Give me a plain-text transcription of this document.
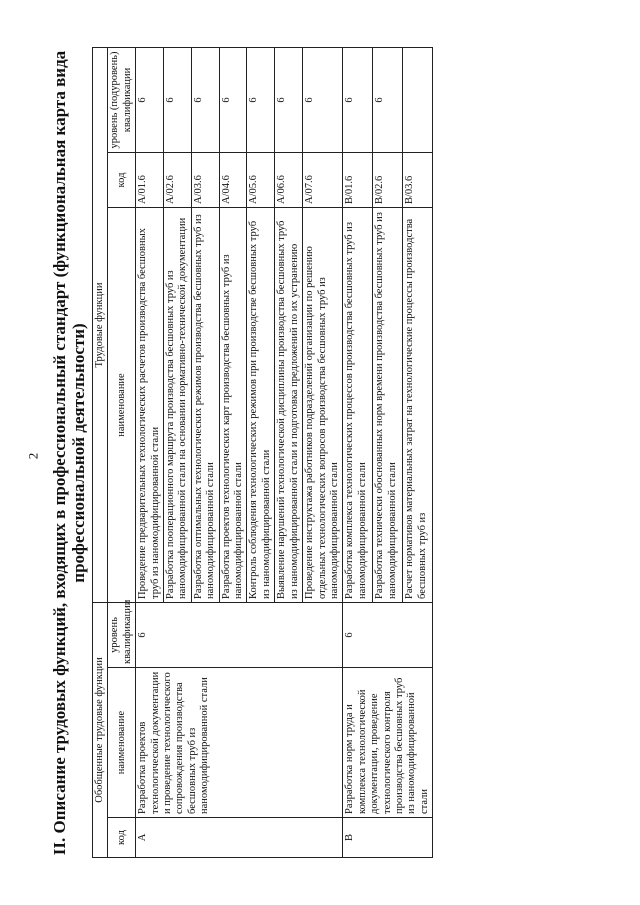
2 II. Описание трудовых функций, входящих в профессиональный стандарт (функциональная карта вида профессиональной деятельности)
Обобщенные трудовые функции			Трудовые функции		
код	наименование	уровень квалификации	наименование	код	уровень (подуровень) квалификации
А	Разработка проектов технологической документации и проведение технологического сопровождения производства бесшовных труб из наномодифицированной стали	6	Проведение предварительных технологических расчетов производства бесшовных труб из наномодифицированной стали	A/01.6	6
			Разработка пооперационного маршрута производства бесшовных труб из наномодифицированной стали на основании нормативно-технической документации	A/02.6	6
			Разработка оптимальных технологических режимов производства бесшовных труб из наномодифицированной стали	A/03.6	6
			Разработка проектов технологических карт производства бесшовных труб из наномодифицированной стали	A/04.6	6
			Контроль соблюдения технологических режимов при производстве бесшовных труб из наномодифицированной стали	A/05.6	6
			Выявление нарушений технологической дисциплины производства бесшовных труб из наномодифицированной стали и подготовка предложений по их устранению	A/06.6	6
			Проведение инструктажа работников подразделений организации по решению отдельных технологических вопросов производства бесшовных труб из наномодифицированной стали	A/07.6	6
В	Разработка норм труда и комплекса технологической документации, проведение технологического контроля производства бесшовных труб из наномодифицированной стали	6	Разработка комплекса технологических процессов производства бесшовных труб из наномодифицированной стали	B/01.6	6
			Разработка технически обоснованных норм времени производства бесшовных труб из наномодифицированной стали	B/02.6	6
			Расчет нормативов материальных затрат на технологические процессы производства бесшовных труб из	B/03.6	
